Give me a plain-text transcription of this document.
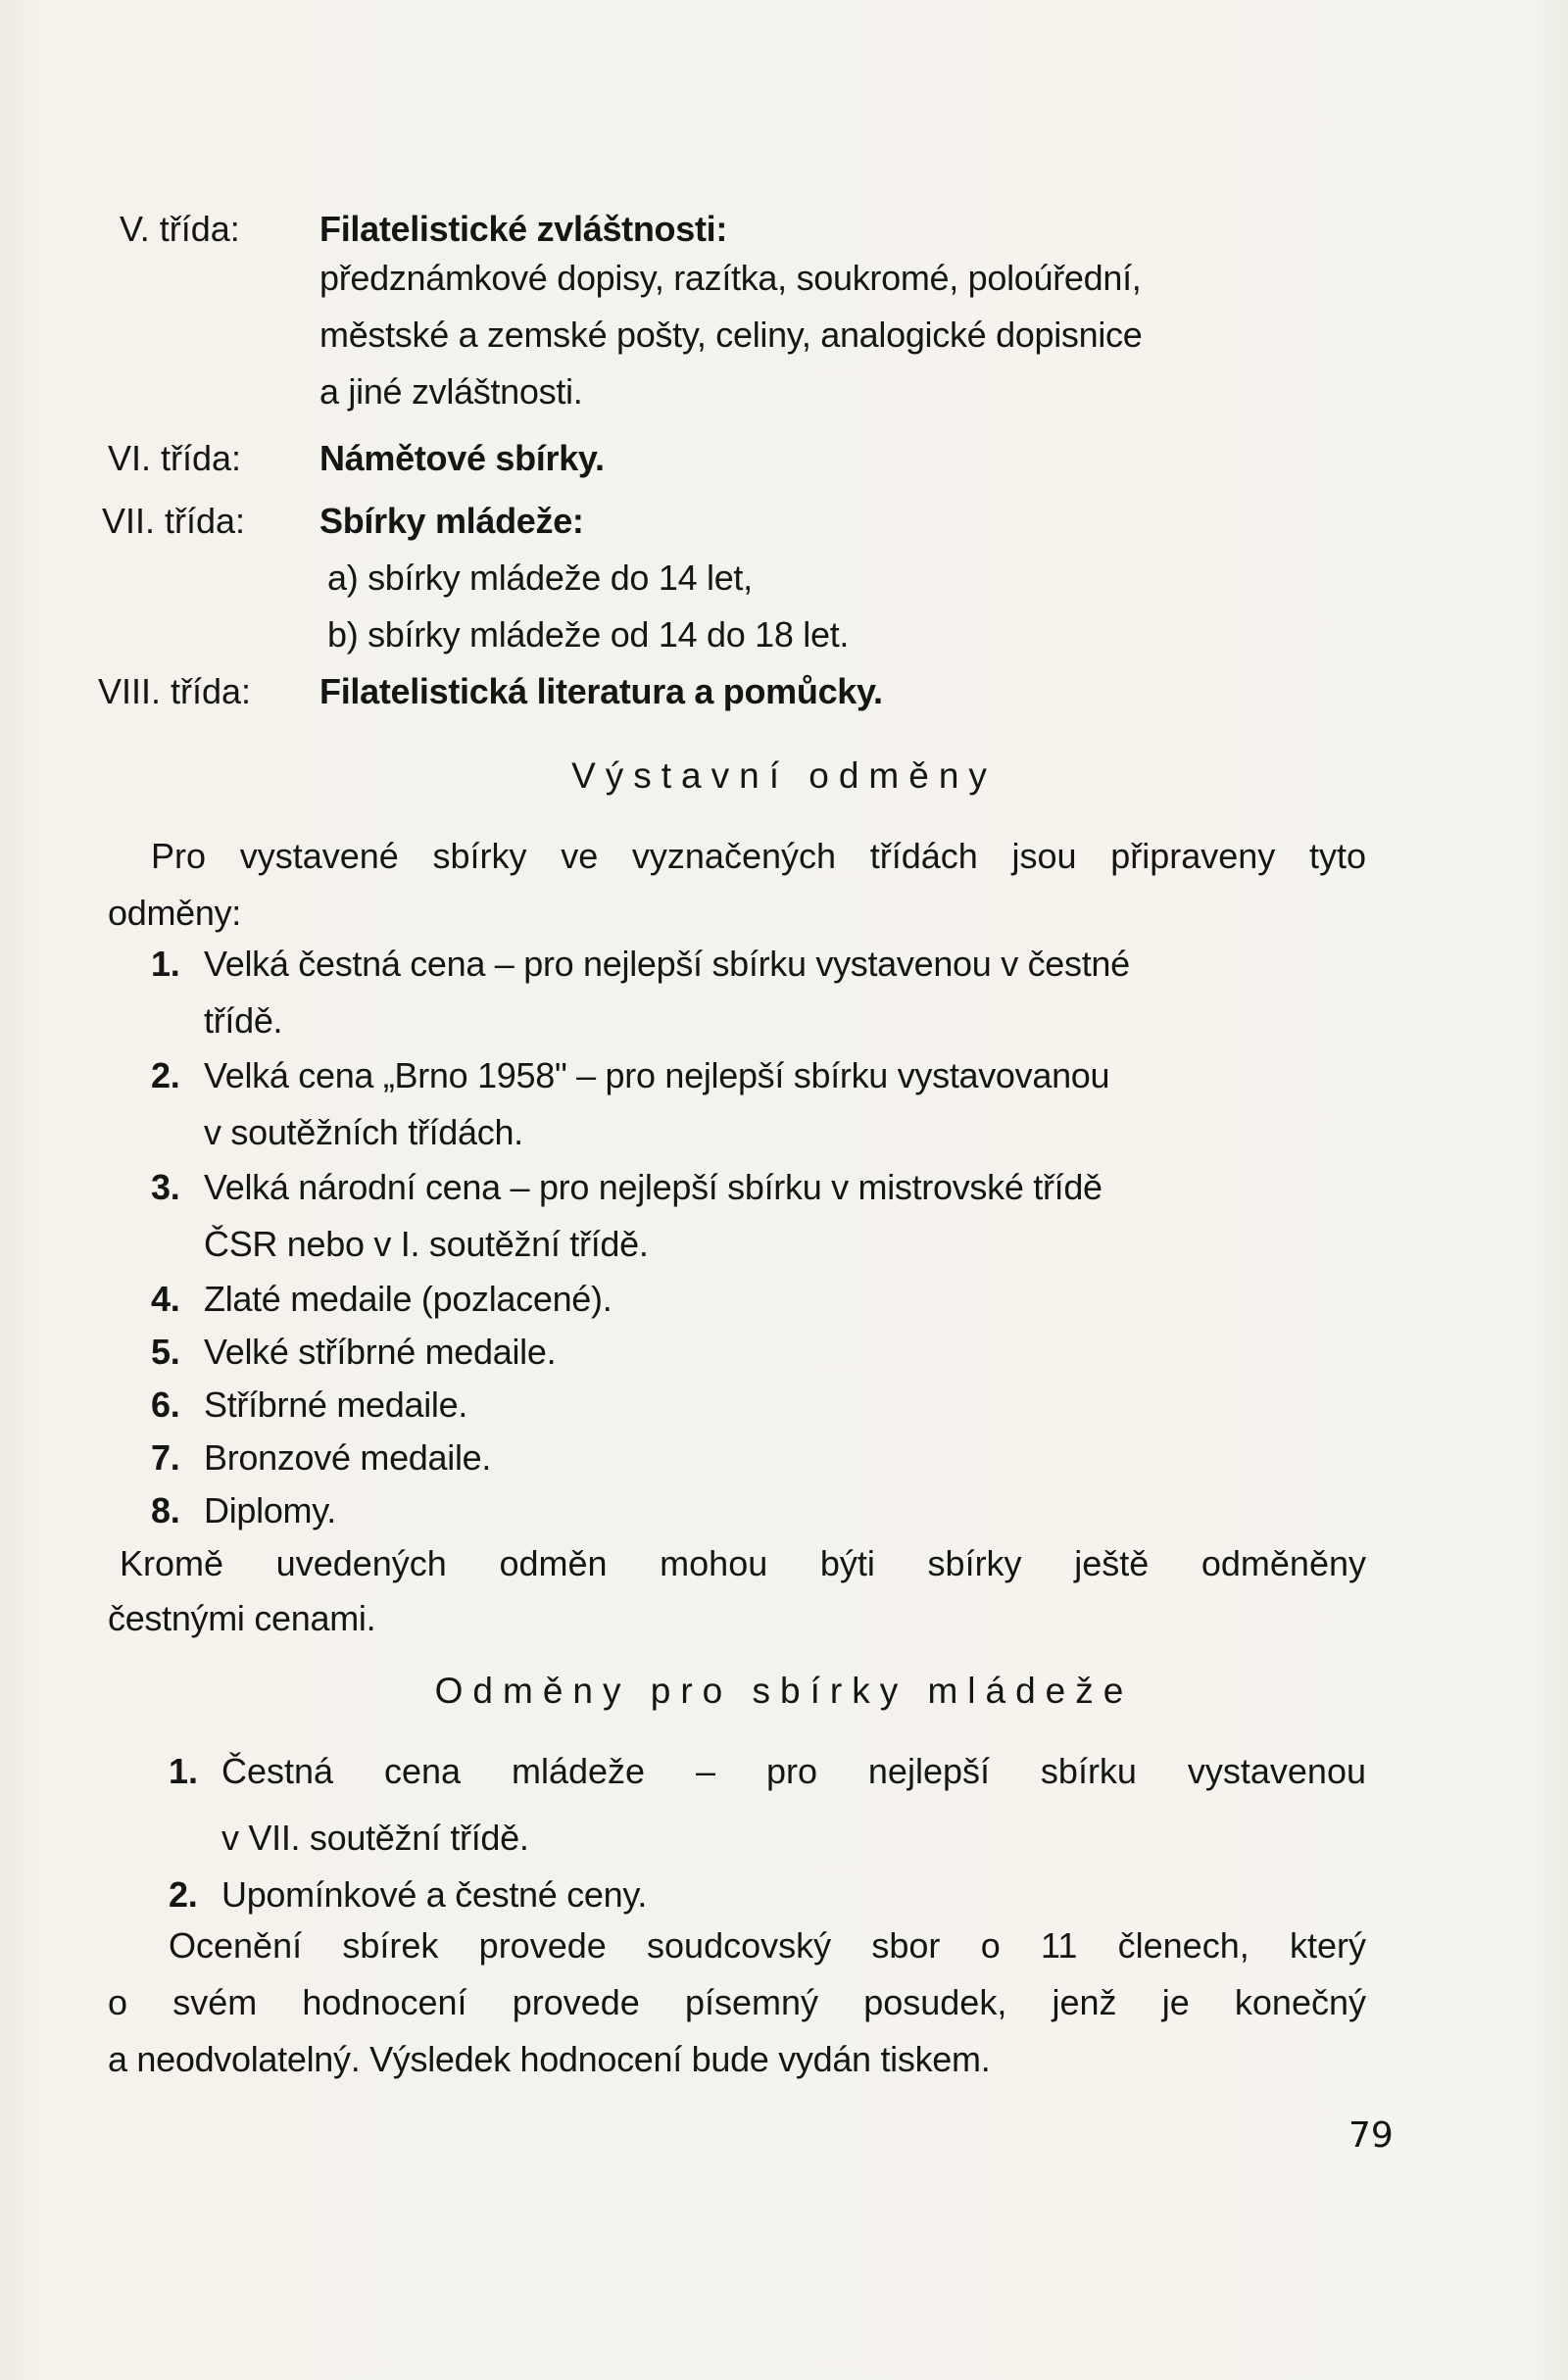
V. třída: Filatelistické zvláštnosti:
předznámkové dopisy, razítka, soukromé, poloúřední,
městské a zemské pošty, celiny, analogické dopisnice
a jiné zvláštnosti.
VI. třída: Námětové sbírky.
VII. třída: Sbírky mládeže:
a) sbírky mládeže do 14 let,
b) sbírky mládeže od 14 do 18 let.
VIII. třída: Filatelistická literatura a pomůcky.
Výstavní odměny
Pro vystavené sbírky ve vyznačených třídách jsou připraveny tyto
odměny:
1. Velká čestná cena – pro nejlepší sbírku vystavenou v čestné
třídě.
2. Velká cena „Brno 1958" – pro nejlepší sbírku vystavovanou
v soutěžních třídách.
3. Velká národní cena – pro nejlepší sbírku v mistrovské třídě
ČSR nebo v I. soutěžní třídě.
4. Zlaté medaile (pozlacené).
5. Velké stříbrné medaile.
6. Stříbrné medaile.
7. Bronzové medaile.
8. Diplomy.
Kromě uvedených odměn mohou býti sbírky ještě odměněny
čestnými cenami.
Odměny pro sbírky mládeže
1. Čestná cena mládeže – pro nejlepší sbírku vystavenou
v VII. soutěžní třídě.
2. Upomínkové a čestné ceny.
Ocenění sbírek provede soudcovský sbor o 11 členech, který
o svém hodnocení provede písemný posudek, jenž je konečný
a neodvolatelný. Výsledek hodnocení bude vydán tiskem.
79
